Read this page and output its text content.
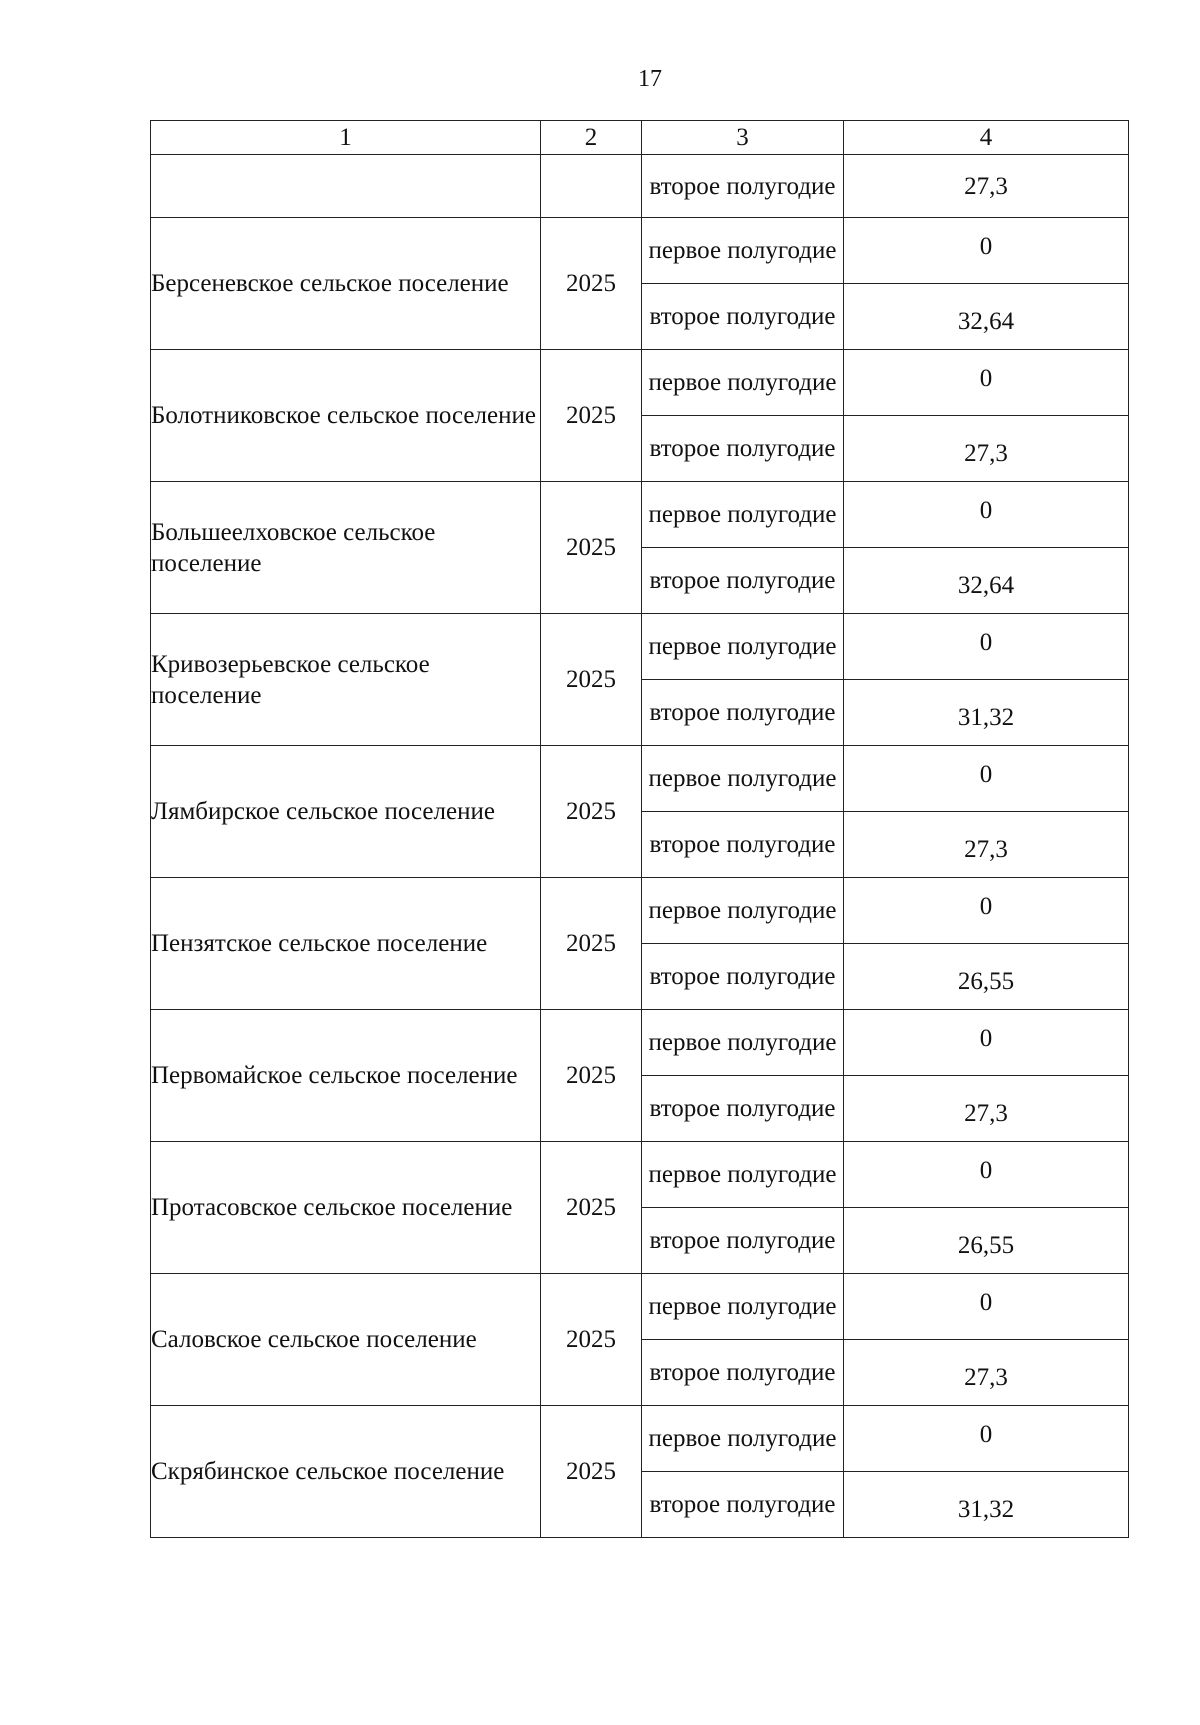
17
1	2	3	4
		второе полугодие	27,3
Берсеневское сельское поселение	2025	первое полугодие	0
		второе полугодие	32,64
Болотниковское сельское поселение	2025	первое полугодие	0
		второе полугодие	27,3
Большеелховское сельское поселение	2025	первое полугодие	0
		второе полугодие	32,64
Кривозерьевское сельское поселение	2025	первое полугодие	0
		второе полугодие	31,32
Лямбирское сельское поселение	2025	первое полугодие	0
		второе полугодие	27,3
Пензятское сельское поселение	2025	первое полугодие	0
		второе полугодие	26,55
Первомайское сельское поселение	2025	первое полугодие	0
		второе полугодие	27,3
Протасовское сельское поселение	2025	первое полугодие	0
		второе полугодие	26,55
Саловское сельское поселение	2025	первое полугодие	0
		второе полугодие	27,3
Скрябинское сельское поселение	2025	первое полугодие	0
		второе полугодие	31,32
